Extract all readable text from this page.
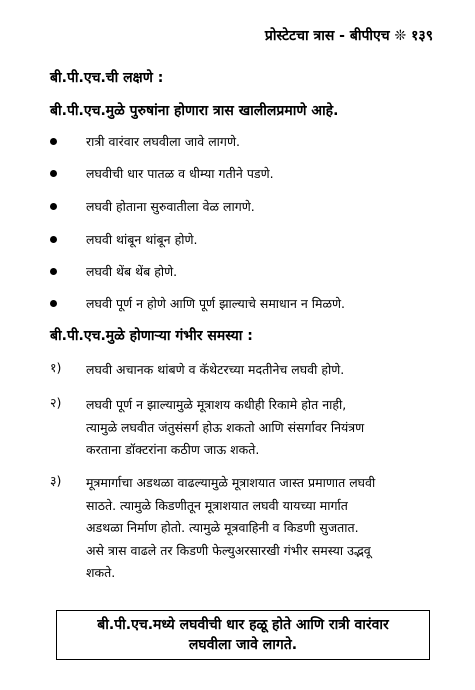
प्रोस्टेटचा त्रास - बीपीएच ❊ १३९
बी.पी.एच.ची लक्षणे :
बी.पी.एच.मुळे पुरुषांना होणारा त्रास खालीलप्रमाणे आहे.
रात्री वारंवार लघवीला जावे लागणे.
लघवीची धार पातळ व धीम्या गतीने पडणे.
लघवी होताना सुरुवातीला वेळ लागणे.
लघवी थांबून थांबून होणे.
लघवी थेंब थेंब होणे.
लघवी पूर्ण न होणे आणि पूर्ण झाल्याचे समाधान न मिळणे.
बी.पी.एच.मुळे होणाऱ्या गंभीर समस्या :
१) लघवी अचानक थांबणे व कॅथेटरच्या मदतीनेच लघवी होणे.
२) लघवी पूर्ण न झाल्यामुळे मूत्राशय कधीही रिकामे होत नाही,
त्यामुळे लघवीत जंतुसंसर्ग होऊ शकतो आणि संसर्गावर नियंत्रण
करताना डॉक्टरांना कठीण जाऊ शकते.
३) मूत्रमार्गाचा अडथळा वाढल्यामुळे मूत्राशयात जास्त प्रमाणात लघवी
साठते. त्यामुळे किडणीतून मूत्राशयात लघवी यायच्या मार्गात
अडथळा निर्माण होतो. त्यामुळे मूत्रवाहिनी व किडणी सुजतात.
असे त्रास वाढले तर किडणी फेल्युअरसारखी गंभीर समस्या उद्भवू
शकते.
बी.पी.एच.मध्ये लघवीची धार हळू होते आणि रात्री वारंवार
लघवीला जावे लागते.
